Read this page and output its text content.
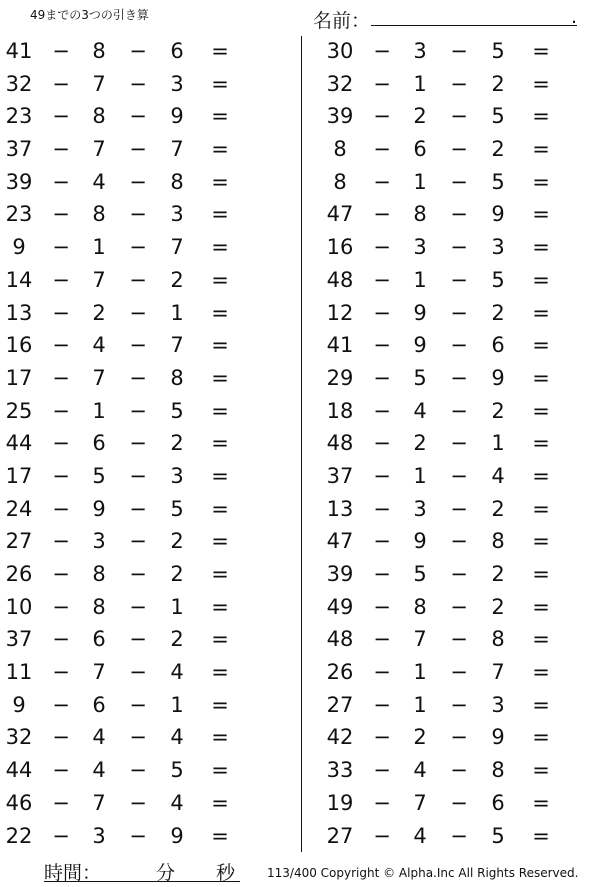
49までの3つの引き算	名前：	.
41 −	8	−	6	=
32 −	7	−	3	=
23 −	8	−	9	=
37 −	7	−	7	=
39 −	4	−	8	=
23 −	8	−	3	=
9	−	1	−	7	=
14 −	7	−	2	=
13 −	2	−	1	=
16 −	4	−	7	=
17 −	7	−	8	=
25 −	1	−	5	=
44 −	6	−	2	=
17 −	5	−	3	=
24 −	9	−	5	=
27 −	3	−	2	=
26 −	8	−	2	=
10 −	8	−	1	=
37 −	6	−	2	=
11 −	7	−	4	=
9	−	6	−	1	=
32 −	4	−	4	=
44 −	4	−	5	=
46 −	7	−	4	=
22 −	3	−	9	=
30 −	3	−	5	=
32 −	1	−	2	=
39 −	2	−	5	=
8	−	6	−	2	=
8	−	1	−	5	=
47 −	8	−	9	=
16 −	3	−	3	=
48 −	1	−	5	=
12 −	9	−	2	=
41 −	9	−	6	=
29 −	5	−	9	=
18 −	4	−	2	=
48 −	2	−	1	=
37 −	1	−	4	=
13 −	3	−	2	=
47 −	9	−	8	=
39 −	5	−	2	=
49 −	8	−	2	=
48 −	7	−	8	=
26 −	1	−	7	=
27 −	1	−	3	=
42 −	2	−	9	=
33 −	4	−	8	=
19 −	7	−	6	=
27 −	4	−	5	=
時間：	分 秒	113/400 Copyright © Alpha.Inc All Rights Reserved.
